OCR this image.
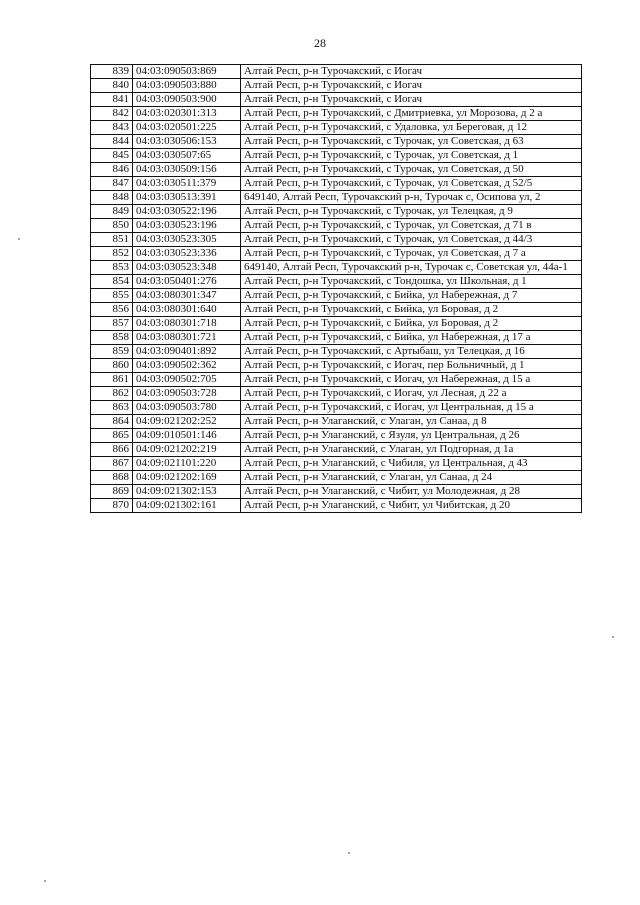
28
839	04:03:090503:869	Алтай Респ, р-н Турочакский, с Иогач
840	04:03:090503:880	Алтай Респ, р-н Турочакский, с Иогач
841	04:03:090503:900	Алтай Респ, р-н Турочакский, с Иогач
842	04:03:020301:313	Алтай Респ, р-н Турочакский, с Дмитриевка, ул Морозова, д 2 а
843	04:03:020501:225	Алтай Респ, р-н Турочакский, с Удаловка, ул Береговая, д 12
844	04:03:030506:153	Алтай Респ, р-н Турочакский, с Турочак, ул Советская, д 63
845	04:03:030507:65	Алтай Респ, р-н Турочакский, с Турочак, ул Советская, д 1
846	04:03:030509:156	Алтай Респ, р-н Турочакский, с Турочак, ул Советская, д 50
847	04:03:030511:379	Алтай Респ, р-н Турочакский, с Турочак, ул Советская, д 52/5
848	04:03:030513:391	649140, Алтай Респ, Турочакский р-н, Турочак с, Осипова ул, 2
849	04:03:030522:196	Алтай Респ, р-н Турочакский, с Турочак, ул Телецкая, д 9
850	04:03:030523:196	Алтай Респ, р-н Турочакский, с Турочак, ул Советская, д 71 в
851	04:03:030523:305	Алтай Респ, р-н Турочакский, с Турочак, ул Советская, д 44/3
852	04:03:030523:336	Алтай Респ, р-н Турочакский, с Турочак, ул Советская, д 7 а
853	04:03:030523:348	649140, Алтай Респ, Турочакский р-н, Турочак с, Советская ул, 44а-1
854	04:03:050401:276	Алтай Респ, р-н Турочакский, с Тондошка, ул Школьная, д 1
855	04:03:080301:347	Алтай Респ, р-н Турочакский, с Бийка, ул Набережная, д 7
856	04:03:080301:640	Алтай Респ, р-н Турочакский, с Бийка, ул Боровая, д 2
857	04:03:080301:718	Алтай Респ, р-н Турочакский, с Бийка, ул Боровая, д 2
858	04:03:080301:721	Алтай Респ, р-н Турочакский, с Бийка, ул Набережная, д 17 а
859	04:03:090401:892	Алтай Респ, р-н Турочакский, с Артыбаш, ул Телецкая, д 16
860	04:03:090502:362	Алтай Респ, р-н Турочакский, с Иогач, пер Больничный, д 1
861	04:03:090502:705	Алтай Респ, р-н Турочакский, с Иогач, ул Набережная, д 15 а
862	04:03:090503:728	Алтай Респ, р-н Турочакский, с Иогач, ул Лесная, д 22 а
863	04:03:090503:780	Алтай Респ, р-н Турочакский, с Иогач, ул Центральная, д 15 а
864	04:09:021202:252	Алтай Респ, р-н Улаганский, с Улаган, ул Санаа, д 8
865	04:09:010501:146	Алтай Респ, р-н Улаганский, с Язуля, ул Центральная, д 26
866	04:09:021202:219	Алтай Респ, р-н Улаганский, с Улаган, ул Подгорная, д 1а
867	04:09:021101:220	Алтай Респ, р-н Улаганский, с Чибиля, ул Центральная, д 43
868	04:09:021202:169	Алтай Респ, р-н Улаганский, с Улаган, ул Санаа, д 24
869	04:09:021302:153	Алтай Респ, р-н Улаганский, с Чибит, ул Молодежная, д 28
870	04:09:021302:161	Алтай Респ, р-н Улаганский, с Чибит, ул Чибитская, д 20
